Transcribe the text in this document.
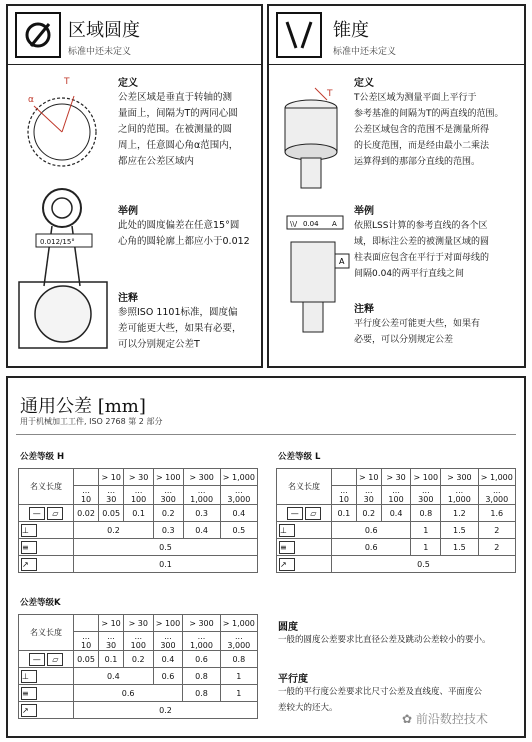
区域圆度
标准中还未定义
α
T	定义
公差区域是垂直于转轴的测
量面上，间隔为T的两同心圆
之间的范围。在被测量的圆
周上，任意圆心角α范围内，
都应在公差区域内
0.012/15°
举例
此处的圆度偏差在任意15°圆
心角的圆轮廓上都应小于0.012
注释
参照ISO 1101标准，圆度偏
差可能更大些，如果有必要，
可以分别规定公差T
锥度
标准中还未定义
T
定义
T公差区域为测量平面上平行于
参考基准的间隔为T的两直线的范围。
公差区域包含的范围不是测量所得
的长度范围，而是经由最小二乘法
运算得到的那部分直线的范围。
\\/ 0.04 A
A
举例
依照LSS计算的参考直线的各个区
域，即标注公差的被测量区域的圆
柱表面应包含在平行于对面母线的
间隔0.04的两平行直线之间
注释
平行度公差可能更大些，如果有
必要，可以分别规定公差
通用公差 [mm]
用于机械加工工件, ISO 2768 第 2 部分
公差等级 H
名义长度		> 10	> 30	> 100	> 300	> 1,000
	... 10	... 30	... 100	... 300	... 1,000	... 3,000
— ▱	0.02	0.05	0.1	0.2	0.3	0.4
⊥	0.2			0.3	0.4	0.5
≡	0.5					
↗	0.1					
公差等级 L
名义长度		> 10	> 30	> 100	> 300	> 1,000
	... 10	... 30	... 100	... 300	... 1,000	... 3,000
— ▱	0.1	0.2	0.4	0.8	1.2	1.6
⊥	0.6			1	1.5	2
≡	0.6			1	1.5	2
↗	0.5					
公差等级K
名义长度		> 10	> 30	> 100	> 300	> 1,000
	... 10	... 30	... 100	... 300	... 1,000	... 3,000
— ▱	0.05	0.1	0.2	0.4	0.6	0.8
⊥	0.4			0.6	0.8	1
≡	0.6				0.8	1
↗	0.2					
圆度
一般的圆度公差要求比直径公差及跳动公差较小的要小。
平行度
一般的平行度公差要求比尺寸公差及直线度、平面度公
差较大的还大。
✿ 前沿数控技术
